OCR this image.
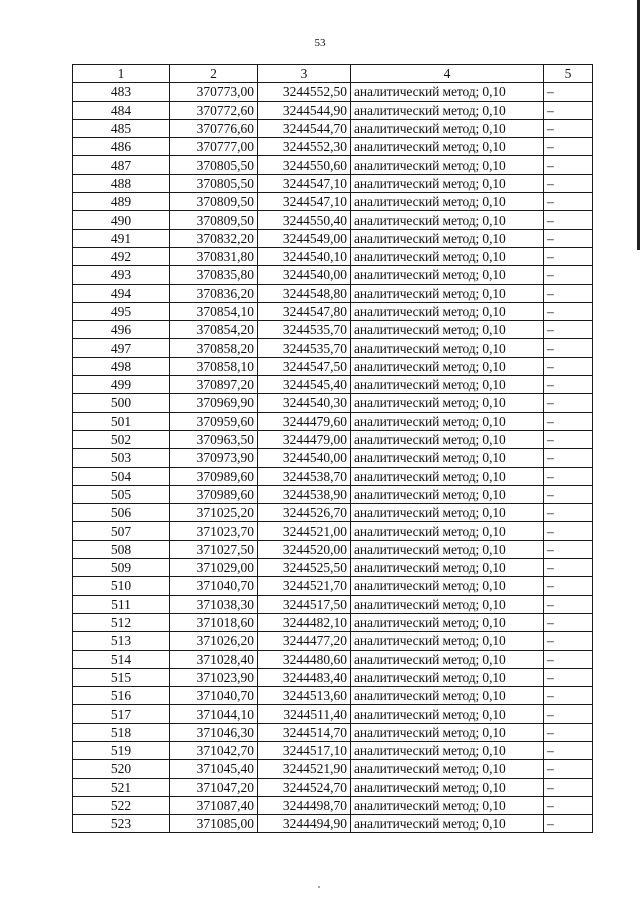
53
1	2	3	4	5
483	370773,00	3244552,50	аналитический метод; 0,10	–
484	370772,60	3244544,90	аналитический метод; 0,10	–
485	370776,60	3244544,70	аналитический метод; 0,10	–
486	370777,00	3244552,30	аналитический метод; 0,10	–
487	370805,50	3244550,60	аналитический метод; 0,10	–
488	370805,50	3244547,10	аналитический метод; 0,10	–
489	370809,50	3244547,10	аналитический метод; 0,10	–
490	370809,50	3244550,40	аналитический метод; 0,10	–
491	370832,20	3244549,00	аналитический метод; 0,10	–
492	370831,80	3244540,10	аналитический метод; 0,10	–
493	370835,80	3244540,00	аналитический метод; 0,10	–
494	370836,20	3244548,80	аналитический метод; 0,10	–
495	370854,10	3244547,80	аналитический метод; 0,10	–
496	370854,20	3244535,70	аналитический метод; 0,10	–
497	370858,20	3244535,70	аналитический метод; 0,10	–
498	370858,10	3244547,50	аналитический метод; 0,10	–
499	370897,20	3244545,40	аналитический метод; 0,10	–
500	370969,90	3244540,30	аналитический метод; 0,10	–
501	370959,60	3244479,60	аналитический метод; 0,10	–
502	370963,50	3244479,00	аналитический метод; 0,10	–
503	370973,90	3244540,00	аналитический метод; 0,10	–
504	370989,60	3244538,70	аналитический метод; 0,10	–
505	370989,60	3244538,90	аналитический метод; 0,10	–
506	371025,20	3244526,70	аналитический метод; 0,10	–
507	371023,70	3244521,00	аналитический метод; 0,10	–
508	371027,50	3244520,00	аналитический метод; 0,10	–
509	371029,00	3244525,50	аналитический метод; 0,10	–
510	371040,70	3244521,70	аналитический метод; 0,10	–
511	371038,30	3244517,50	аналитический метод; 0,10	–
512	371018,60	3244482,10	аналитический метод; 0,10	–
513	371026,20	3244477,20	аналитический метод; 0,10	–
514	371028,40	3244480,60	аналитический метод; 0,10	–
515	371023,90	3244483,40	аналитический метод; 0,10	–
516	371040,70	3244513,60	аналитический метод; 0,10	–
517	371044,10	3244511,40	аналитический метод; 0,10	–
518	371046,30	3244514,70	аналитический метод; 0,10	–
519	371042,70	3244517,10	аналитический метод; 0,10	–
520	371045,40	3244521,90	аналитический метод; 0,10	–
521	371047,20	3244524,70	аналитический метод; 0,10	–
522	371087,40	3244498,70	аналитический метод; 0,10	–
523	371085,00	3244494,90	аналитический метод; 0,10	–
